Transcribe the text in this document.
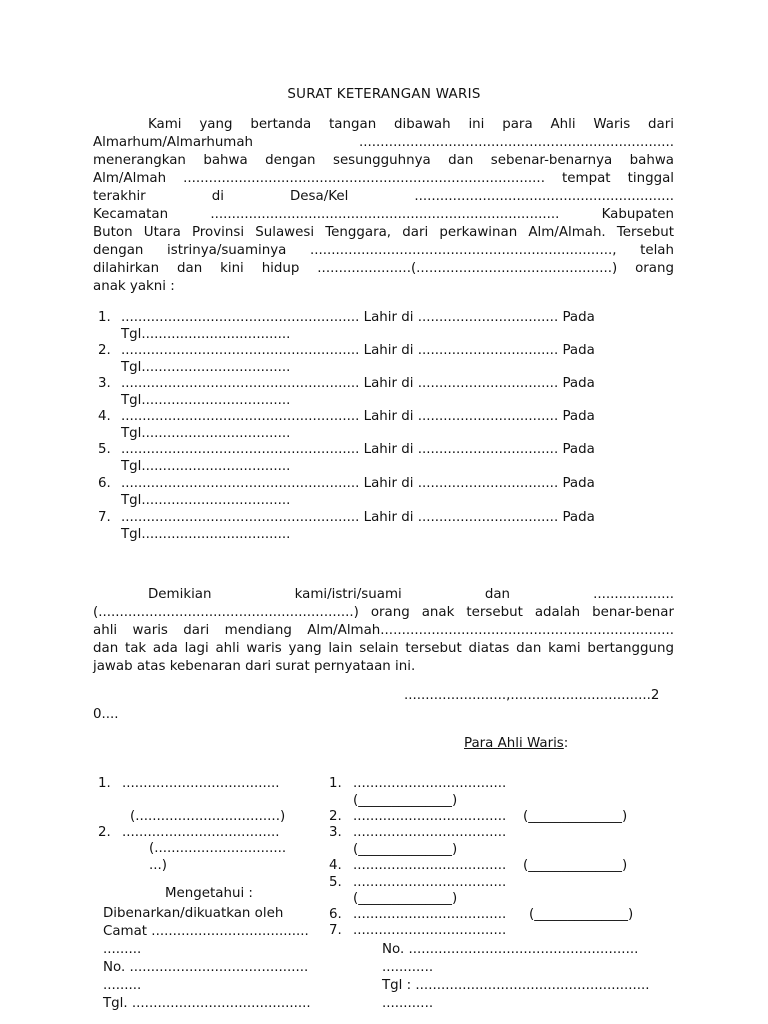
SURAT KETERANGAN WARIS
Kami yang bertanda tangan dibawah ini para Ahli Waris dari
Almarhum/Almarhumah ..........................................................................
menerangkan bahwa dengan sesungguhnya dan sebenar-benarnya bahwa
Alm/Almah ..................................................................................... tempat tinggal
terakhir di Desa/Kel .............................................................
Kecamatan .................................................................................. Kabupaten
Buton Utara Provinsi Sulawesi Tenggara, dari perkawinan Alm/Almah. Tersebut
dengan istrinya/suaminya ......................................................................., telah
dilahirkan dan kini hidup ......................(..............................................) orang
anak yakni :
1. ........................................................ Lahir di ................................. Pada
Tgl...................................
2. ........................................................ Lahir di ................................. Pada
Tgl...................................
3. ........................................................ Lahir di ................................. Pada
Tgl...................................
4. ........................................................ Lahir di ................................. Pada
Tgl...................................
5. ........................................................ Lahir di ................................. Pada
Tgl...................................
6. ........................................................ Lahir di ................................. Pada
Tgl...................................
7. ........................................................ Lahir di ................................. Pada
Tgl...................................
Demikian kami/istri/suami dan ...................
(............................................................) orang anak tersebut adalah benar-benar
ahli waris dari mendiang Alm/Almah.....................................................................
dan tak ada lagi ahli waris yang lain selain tersebut diatas dan kami bertanggung
jawab atas kebenaran dari surat pernyataan ini.
........................,.................................2
0....
Para Ahli Waris:
1. .....................................
(..................................)
2. .....................................
(...............................
...)
1. ....................................
(______________)
2. .................................... (______________)
3. ....................................
(______________)
4. .................................... (______________)
5. ....................................
(______________)
6. .................................... (______________)
7. ....................................
Mengetahui :
Dibenarkan/dikuatkan oleh
Camat .....................................
.........
No. ..........................................
.........
Tgl. ..........................................
No. ......................................................
............
Tgl : .......................................................
............
